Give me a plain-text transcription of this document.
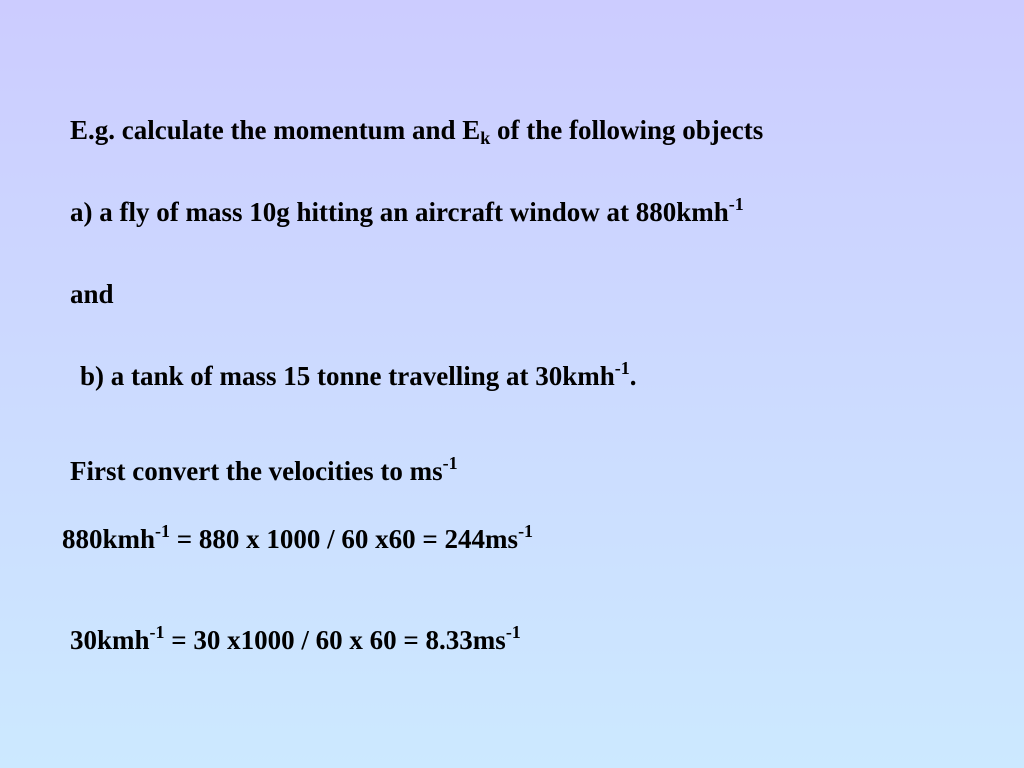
E.g. calculate the momentum and $E_k$ of the following objects
a) a fly of mass 10g hitting an aircraft window at 880kmh$^{-1}$
and
b) a tank of mass 15 tonne travelling at 30kmh$^{-1}$.
First convert the velocities to $ms^{-1}$
880kmh$^{-1}$ = 880 x 1000 / 60 $x60 = 244ms^{-1}$
30kmh$^{-1}$ = 30 x1000 / 60 x $60 = 8.33ms^{-1}$
